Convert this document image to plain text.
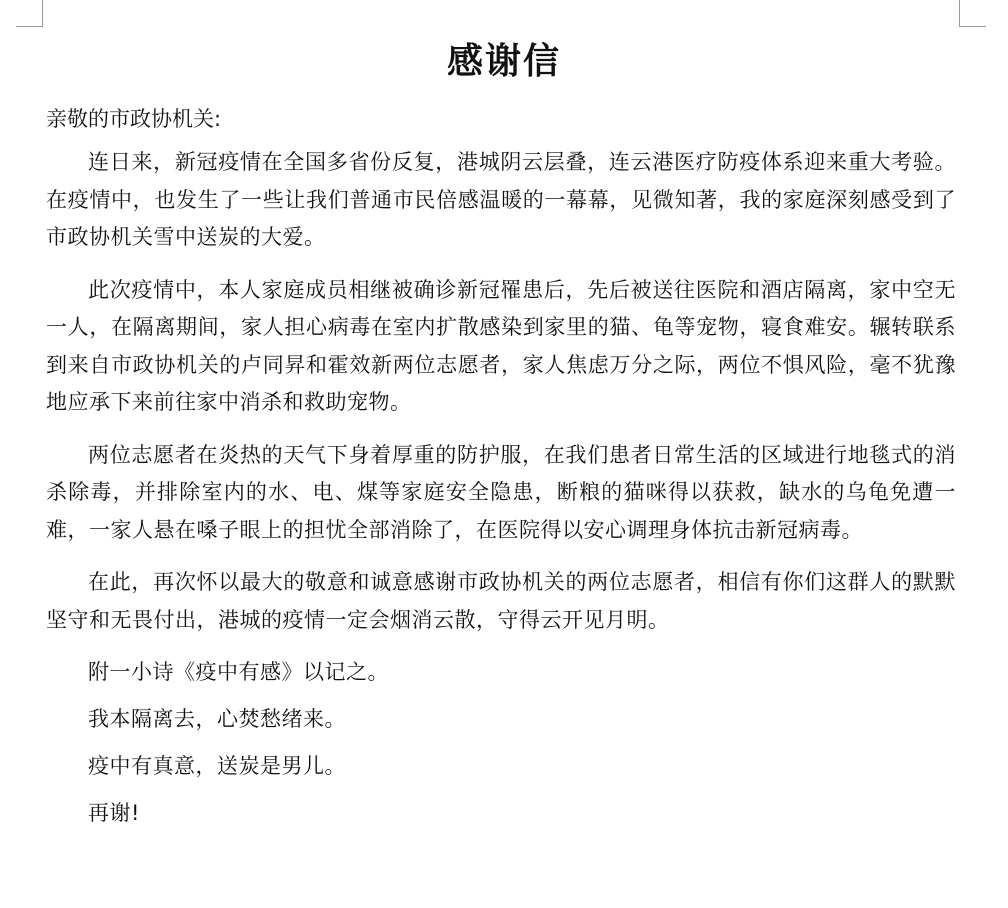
感谢信
亲敬的市政协机关:

连日来，新冠疫情在全国多省份反复，港城阴云层叠，连云港医疗防疫体系迎来重大考验。在疫情中，也发生了一些让我们普通市民倍感温暖的一幕幕，见微知著，我的家庭深刻感受到了市政协机关雪中送炭的大爱。

此次疫情中，本人家庭成员相继被确诊新冠罹患后，先后被送往医院和酒店隔离，家中空无一人，在隔离期间，家人担心病毒在室内扩散感染到家里的猫、龟等宠物，寝食难安。辗转联系到来自市政协机关的卢同昇和霍效新两位志愿者，家人焦虑万分之际，两位不惧风险，毫不犹豫地应承下来前往家中消杀和救助宠物。

两位志愿者在炎热的天气下身着厚重的防护服，在我们患者日常生活的区域进行地毯式的消杀除毒，并排除室内的水、电、煤等家庭安全隐患，断粮的猫咪得以获救，缺水的乌龟免遭一难，一家人悬在嗓子眼上的担忧全部消除了，在医院得以安心调理身体抗击新冠病毒。

在此，再次怀以最大的敬意和诚意感谢市政协机关的两位志愿者，相信有你们这群人的默默坚守和无畏付出，港城的疫情一定会烟消云散，守得云开见月明。

附一小诗《疫中有感》以记之。

我本隔离去，心焚愁绪来。

疫中有真意，送炭是男儿。

再谢!
